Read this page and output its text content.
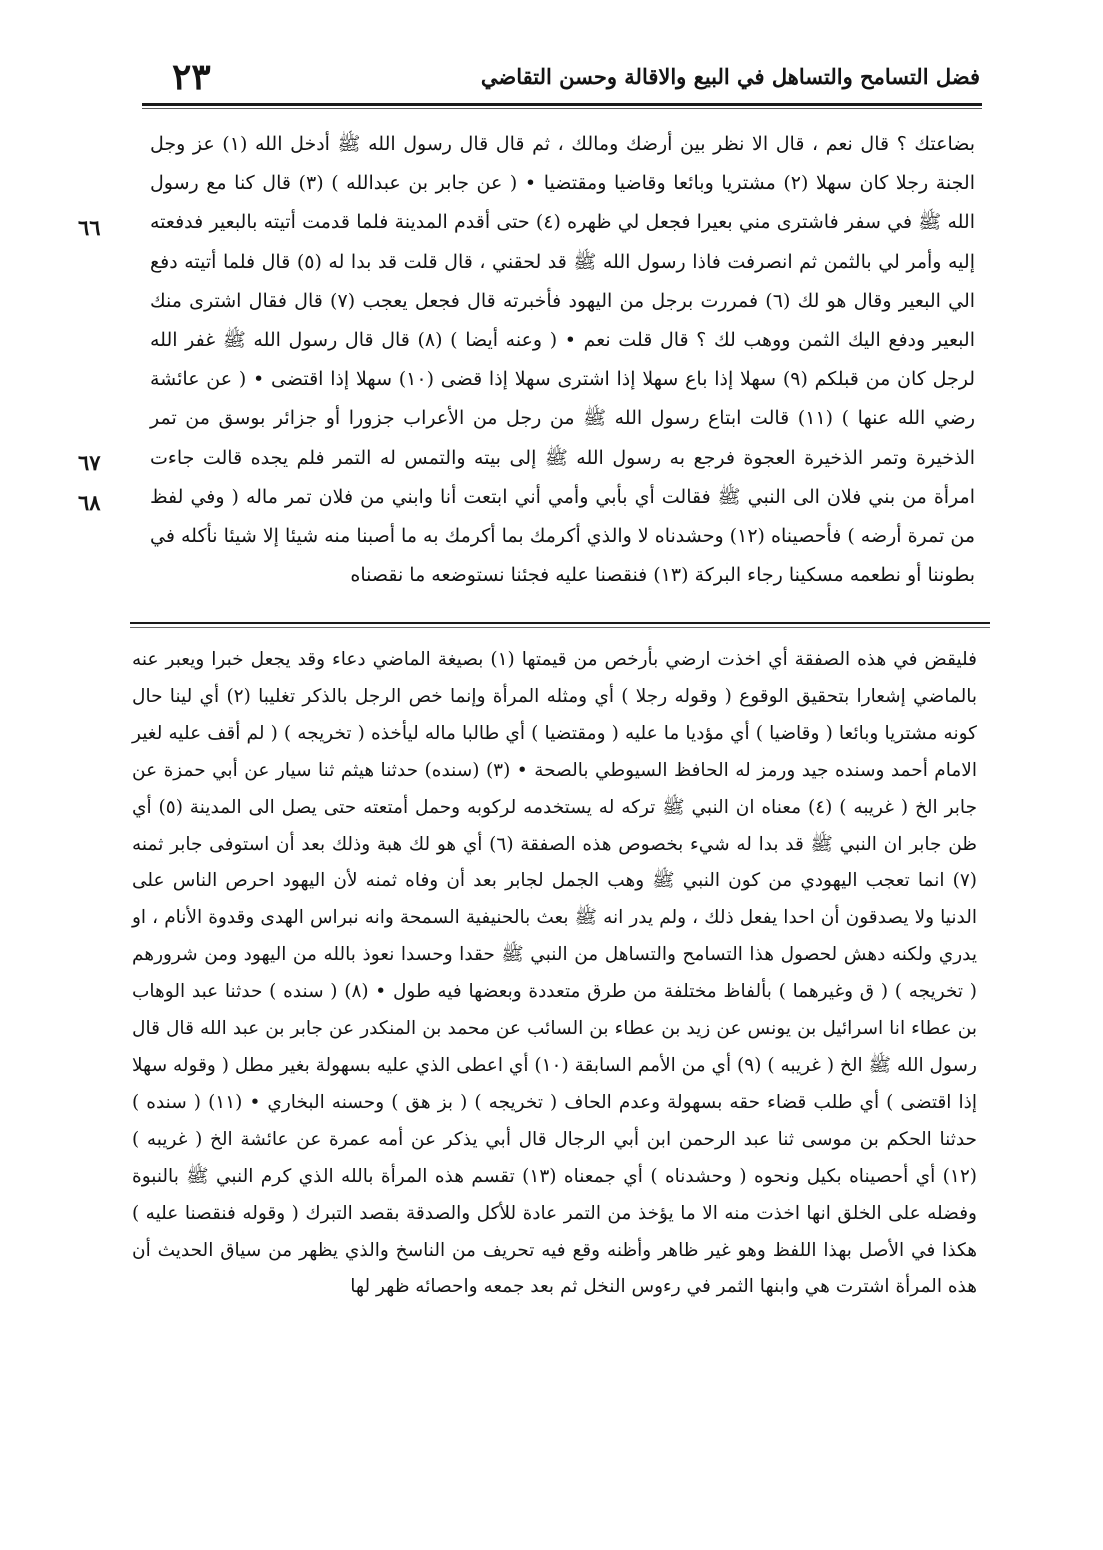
٢٣	فضل التسامح والتساهل في البيع والاقالة وحسن التقاضي
٦٦
٦٧
٦٨

بضاعتك ؟ قال نعم ، قال الا نظر بين أرضك ومالك ، ثم قال قال رسول الله ﷺ أدخل الله (١) عز وجل الجنة رجلا كان سهلا (٢) مشتريا وبائعا وقاضيا ومقتضيا • ( عن جابر بن عبدالله ) (٣) قال كنا مع رسول الله ﷺ في سفر فاشترى مني بعيرا فجعل لي ظهره (٤) حتى أقدم المدينة فلما قدمت أتيته بالبعير فدفعته إليه وأمر لي بالثمن ثم انصرفت فاذا رسول الله ﷺ قد لحقني ، قال قلت قد بدا له (٥) قال فلما أتيته دفع الي البعير وقال هو لك (٦) فمررت برجل من اليهود فأخبرته قال فجعل يعجب (٧) قال فقال اشترى منك البعير ودفع اليك الثمن ووهب لك ؟ قال قلت نعم • ( وعنه أيضا ) (٨) قال قال رسول الله ﷺ غفر الله لرجل كان من قبلكم (٩) سهلا إذا باع سهلا إذا اشترى سهلا إذا قضى (١٠) سهلا إذا اقتضى • ( عن عائشة رضي الله عنها ) (١١) قالت ابتاع رسول الله ﷺ من رجل من الأعراب جزورا أو جزائر بوسق من تمر الذخيرة وتمر الذخيرة العجوة فرجع به رسول الله ﷺ إلى بيته والتمس له التمر فلم يجده قالت جاءت امرأة من بني فلان الى النبي ﷺ فقالت أي بأبي وأمي أني ابتعت أنا وابني من فلان تمر ماله ( وفي لفظ من تمرة أرضه ) فأحصيناه (١٢) وحشدناه لا والذي أكرمك بما أكرمك به ما أصبنا منه شيئا إلا شيئا نأكله في بطوننا أو نطعمه مسكينا رجاء البركة (١٣) فنقصنا عليه فجئنا نستوضعه ما نقصناه

فليقض في هذه الصفقة أي اخذت ارضي بأرخص من قيمتها (١) بصيغة الماضي دعاء وقد يجعل خبرا ويعبر عنه بالماضي إشعارا بتحقيق الوقوع ( وقوله رجلا ) أي ومثله المرأة وإنما خص الرجل بالذكر تغليبا (٢) أي لينا حال كونه مشتريا وبائعا ( وقاضيا ) أي مؤديا ما عليه ( ومقتضيا ) أي طالبا ماله ليأخذه ( تخريجه ) ( لم أقف عليه لغير الامام أحمد وسنده جيد ورمز له الحافظ السيوطي بالصحة • (٣) (سنده) حدثنا هيثم ثنا سيار عن أبي حمزة عن جابر الخ ( غريبه ) (٤) معناه ان النبي ﷺ تركه له يستخدمه لركوبه وحمل أمتعته حتى يصل الى المدينة (٥) أي ظن جابر ان النبي ﷺ قد بدا له شيء بخصوص هذه الصفقة (٦) أي هو لك هبة وذلك بعد أن استوفى جابر ثمنه (٧) انما تعجب اليهودي من كون النبي ﷺ وهب الجمل لجابر بعد أن وفاه ثمنه لأن اليهود احرص الناس على الدنيا ولا يصدقون أن احدا يفعل ذلك ، ولم يدر انه ﷺ بعث بالحنيفية السمحة وانه نبراس الهدى وقدوة الأنام ، او يدري ولكنه دهش لحصول هذا التسامح والتساهل من النبي ﷺ حقدا وحسدا نعوذ بالله من اليهود ومن شرورهم ( تخريجه ) ( ق وغيرهما ) بألفاظ مختلفة من طرق متعددة وبعضها فيه طول • (٨) ( سنده ) حدثنا عبد الوهاب بن عطاء انا اسرائيل بن يونس عن زيد بن عطاء بن السائب عن محمد بن المنكدر عن جابر بن عبد الله قال قال رسول الله ﷺ الخ ( غريبه ) (٩) أي من الأمم السابقة (١٠) أي اعطى الذي عليه بسهولة بغير مطل ( وقوله سهلا إذا اقتضى ) أي طلب قضاء حقه بسهولة وعدم الحاف ( تخريجه ) ( بز هق ) وحسنه البخاري • (١١) ( سنده ) حدثنا الحكم بن موسى ثنا عبد الرحمن ابن أبي الرجال قال أبي يذكر عن أمه عمرة عن عائشة الخ ( غريبه ) (١٢) أي أحصيناه بكيل ونحوه ( وحشدناه ) أي جمعناه (١٣) تقسم هذه المرأة بالله الذي كرم النبي ﷺ بالنبوة وفضله على الخلق انها اخذت منه الا ما يؤخذ من التمر عادة للأكل والصدقة بقصد التبرك ( وقوله فنقصنا عليه ) هكذا في الأصل بهذا اللفظ وهو غير ظاهر وأظنه وقع فيه تحريف من الناسخ والذي يظهر من سياق الحديث أن هذه المرأة اشترت هي وابنها الثمر في رءوس النخل ثم بعد جمعه واحصائه ظهر لها
